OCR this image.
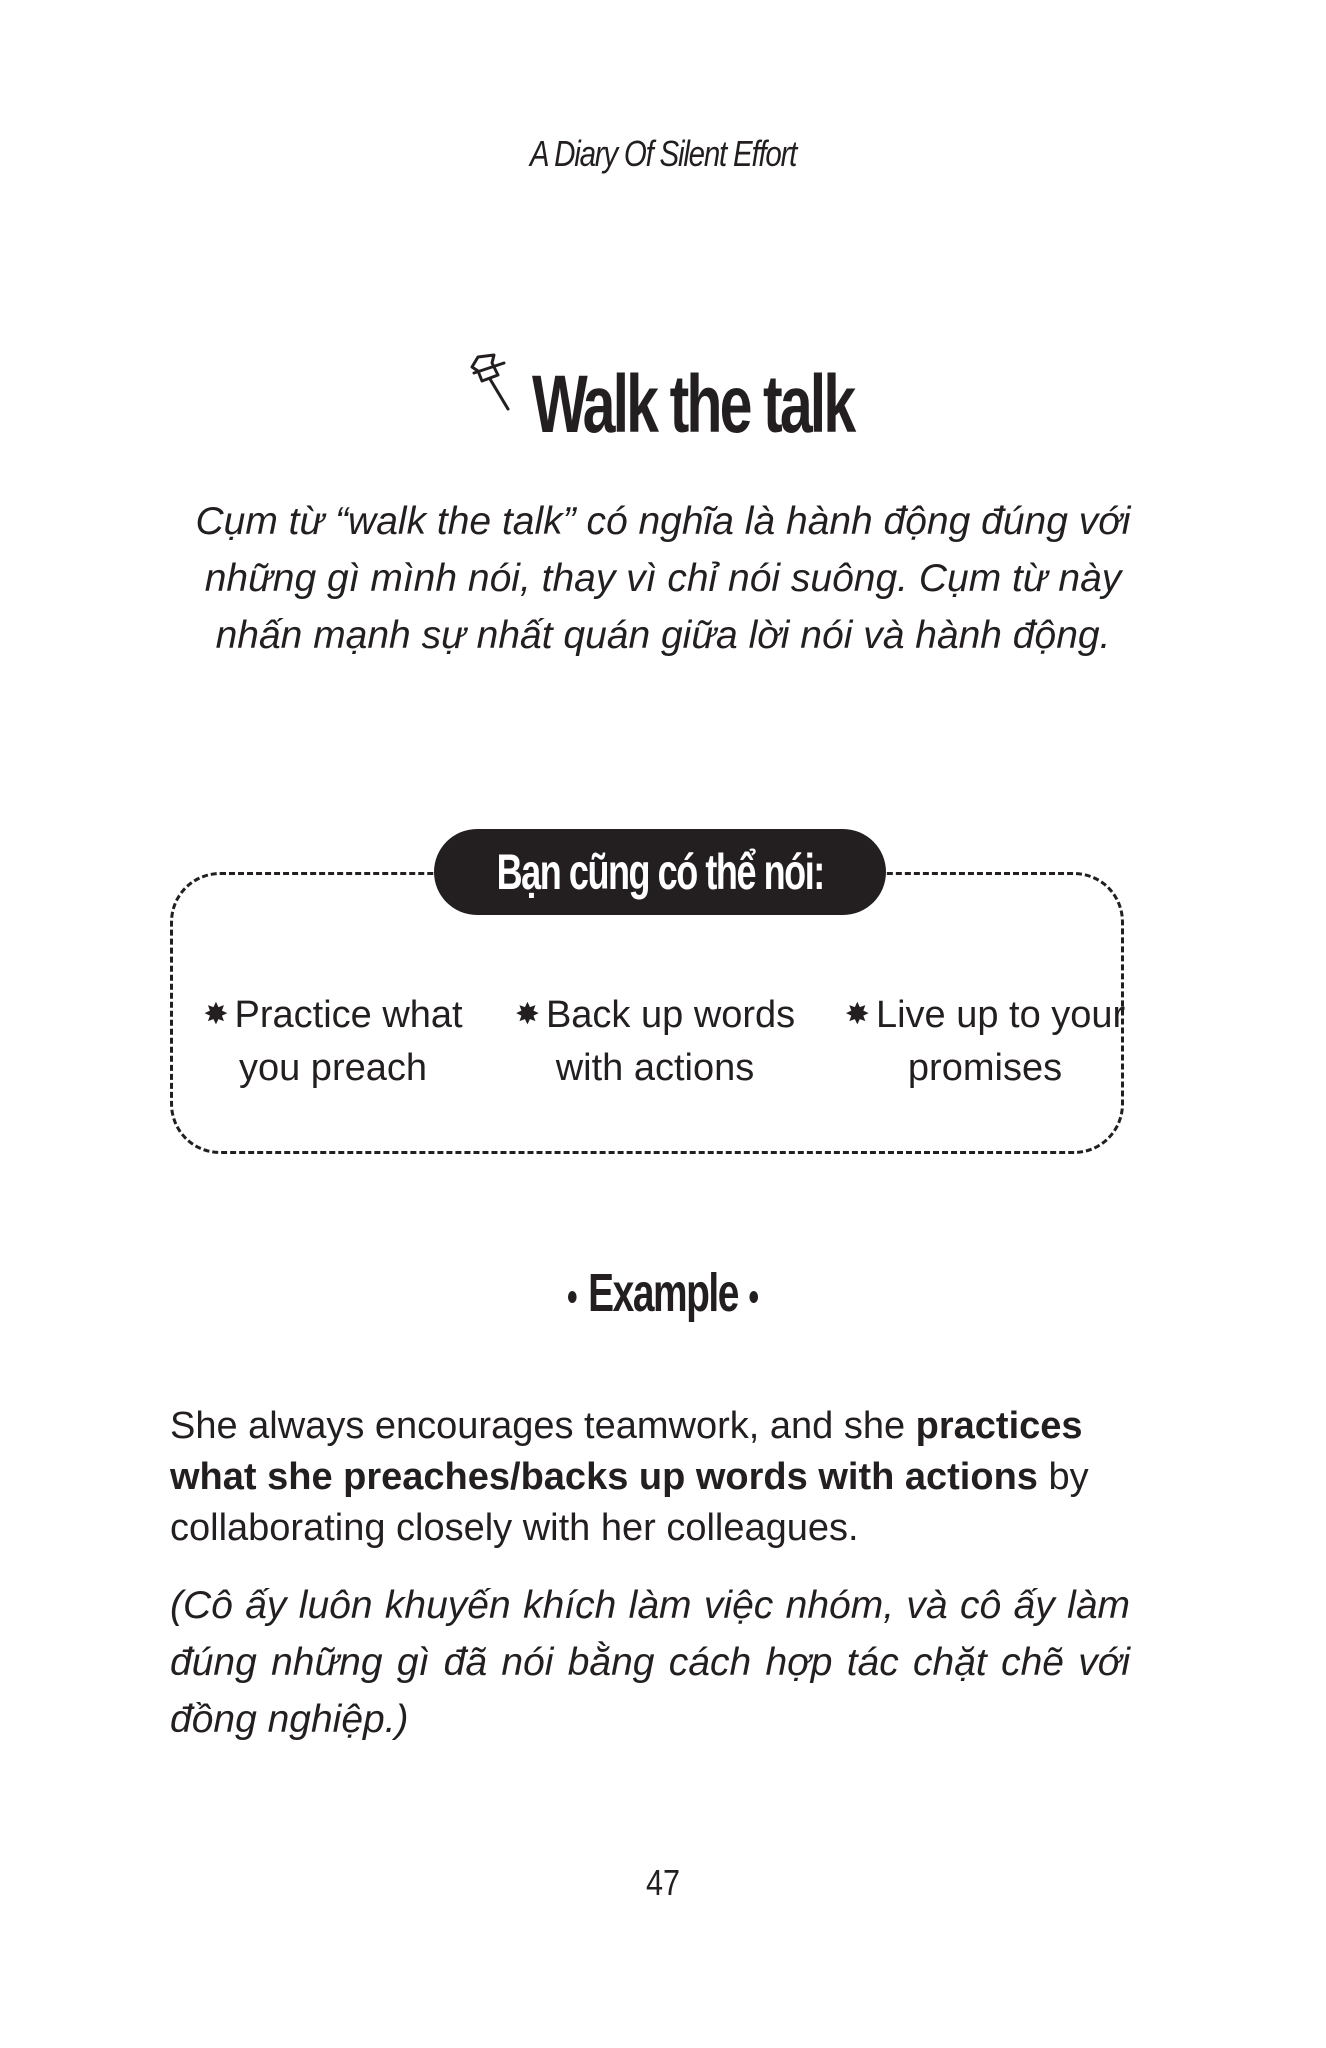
A Diary Of Silent Effort
Walk the talk
Cụm từ “walk the talk” có nghĩa là hành động đúng với những gì mình nói, thay vì chỉ nói suông. Cụm từ này nhấn mạnh sự nhất quán giữa lời nói và hành động.
Bạn cũng có thể nói:
✸ Practice what you preach
✸ Back up words with actions
✸ Live up to your promises
Example
She always encourages teamwork, and she practices what she preaches/backs up words with actions by collaborating closely with her colleagues.
(Cô ấy luôn khuyến khích làm việc nhóm, và cô ấy làm đúng những gì đã nói bằng cách hợp tác chặt chẽ với đồng nghiệp.)
47
